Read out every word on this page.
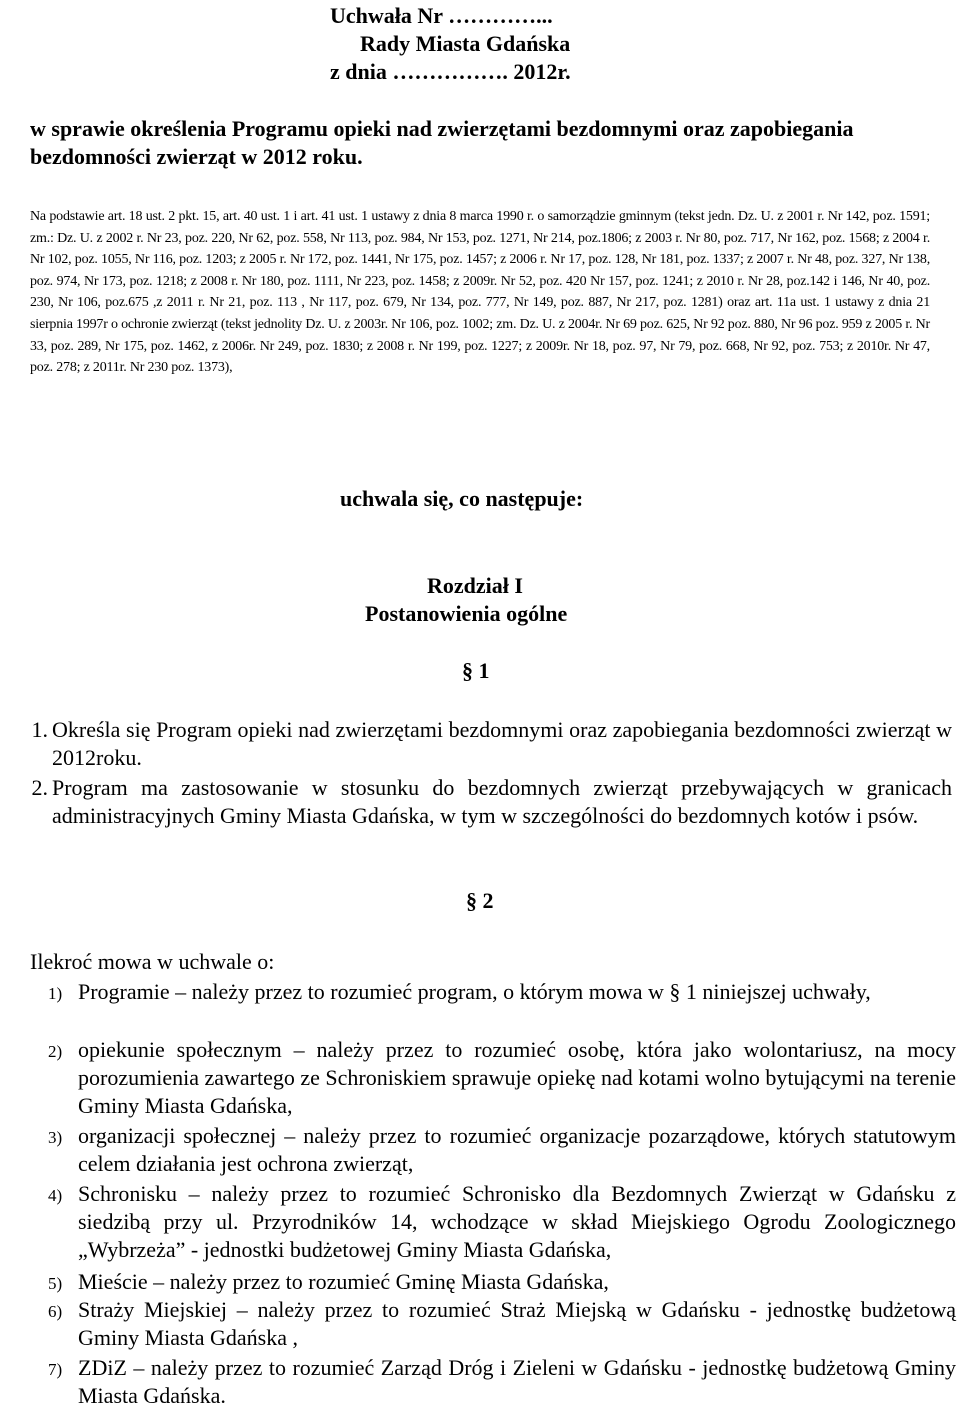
Uchwała Nr …………...
Rady Miasta Gdańska
z dnia ……………. 2012r.
w sprawie określenia Programu opieki nad zwierzętami bezdomnymi oraz zapobiegania bezdomności zwierząt w 2012 roku.
Na podstawie art. 18 ust. 2 pkt. 15, art. 40 ust. 1 i art. 41 ust. 1 ustawy z dnia 8 marca 1990 r. o samorządzie gminnym (tekst jedn. Dz. U. z 2001 r. Nr 142, poz. 1591; zm.: Dz. U. z 2002 r. Nr 23, poz. 220, Nr 62, poz. 558, Nr 113, poz. 984, Nr 153, poz. 1271, Nr 214, poz.1806; z 2003 r. Nr 80, poz. 717, Nr 162, poz. 1568; z 2004 r. Nr 102, poz. 1055, Nr 116, poz. 1203; z 2005 r. Nr 172, poz. 1441, Nr 175, poz. 1457; z 2006 r. Nr 17, poz. 128, Nr 181, poz. 1337; z 2007 r. Nr 48, poz. 327, Nr 138, poz. 974, Nr 173, poz. 1218; z 2008 r. Nr 180, poz. 1111, Nr 223, poz. 1458; z 2009r. Nr 52, poz. 420 Nr 157, poz. 1241; z 2010 r. Nr 28, poz.142 i 146, Nr 40, poz. 230, Nr 106, poz.675 ,z 2011 r. Nr 21, poz. 113 , Nr 117, poz. 679, Nr 134, poz. 777, Nr 149, poz. 887, Nr 217, poz. 1281) oraz art. 11a ust. 1 ustawy z dnia 21 sierpnia 1997r o ochronie zwierząt (tekst jednolity Dz. U. z 2003r. Nr 106, poz. 1002; zm. Dz. U. z 2004r. Nr 69 poz. 625, Nr 92 poz. 880, Nr 96 poz. 959 z 2005 r. Nr 33, poz. 289, Nr 175, poz. 1462, z 2006r. Nr 249, poz. 1830; z 2008 r. Nr 199, poz. 1227; z 2009r. Nr 18, poz. 97, Nr 79, poz. 668, Nr 92, poz. 753; z 2010r. Nr 47, poz. 278; z 2011r. Nr 230 poz. 1373),
uchwala się, co następuje:
Rozdział I
Postanowienia ogólne
§ 1
1. Określa się Program opieki nad zwierzętami bezdomnymi oraz zapobiegania bezdomności zwierząt w 2012roku.
2. Program ma zastosowanie w stosunku do bezdomnych zwierząt przebywających w granicach administracyjnych Gminy Miasta Gdańska, w tym w szczególności do bezdomnych kotów i psów.
§ 2
Ilekroć mowa w uchwale o:
1) Programie – należy przez to rozumieć program, o którym mowa w § 1 niniejszej uchwały,
2) opiekunie społecznym – należy przez to rozumieć osobę, która jako wolontariusz, na mocy porozumienia zawartego ze Schroniskiem sprawuje opiekę nad kotami wolno bytującymi na terenie Gminy Miasta Gdańska,
3) organizacji społecznej – należy przez to rozumieć organizacje pozarządowe, których statutowym celem działania jest ochrona zwierząt,
4) Schronisku – należy przez to rozumieć Schronisko dla Bezdomnych Zwierząt w Gdańsku z siedzibą przy ul. Przyrodników 14, wchodzące w skład Miejskiego Ogrodu Zoologicznego „Wybrzeża” - jednostki budżetowej Gminy Miasta Gdańska,
5) Mieście – należy przez to rozumieć Gminę Miasta Gdańska,
6) Straży Miejskiej – należy przez to rozumieć Straż Miejską w Gdańsku - jednostkę budżetową Gminy Miasta Gdańska ,
7) ZDiZ – należy przez to rozumieć Zarząd Dróg i Zieleni w Gdańsku - jednostkę budżetową Gminy Miasta Gdańska.
